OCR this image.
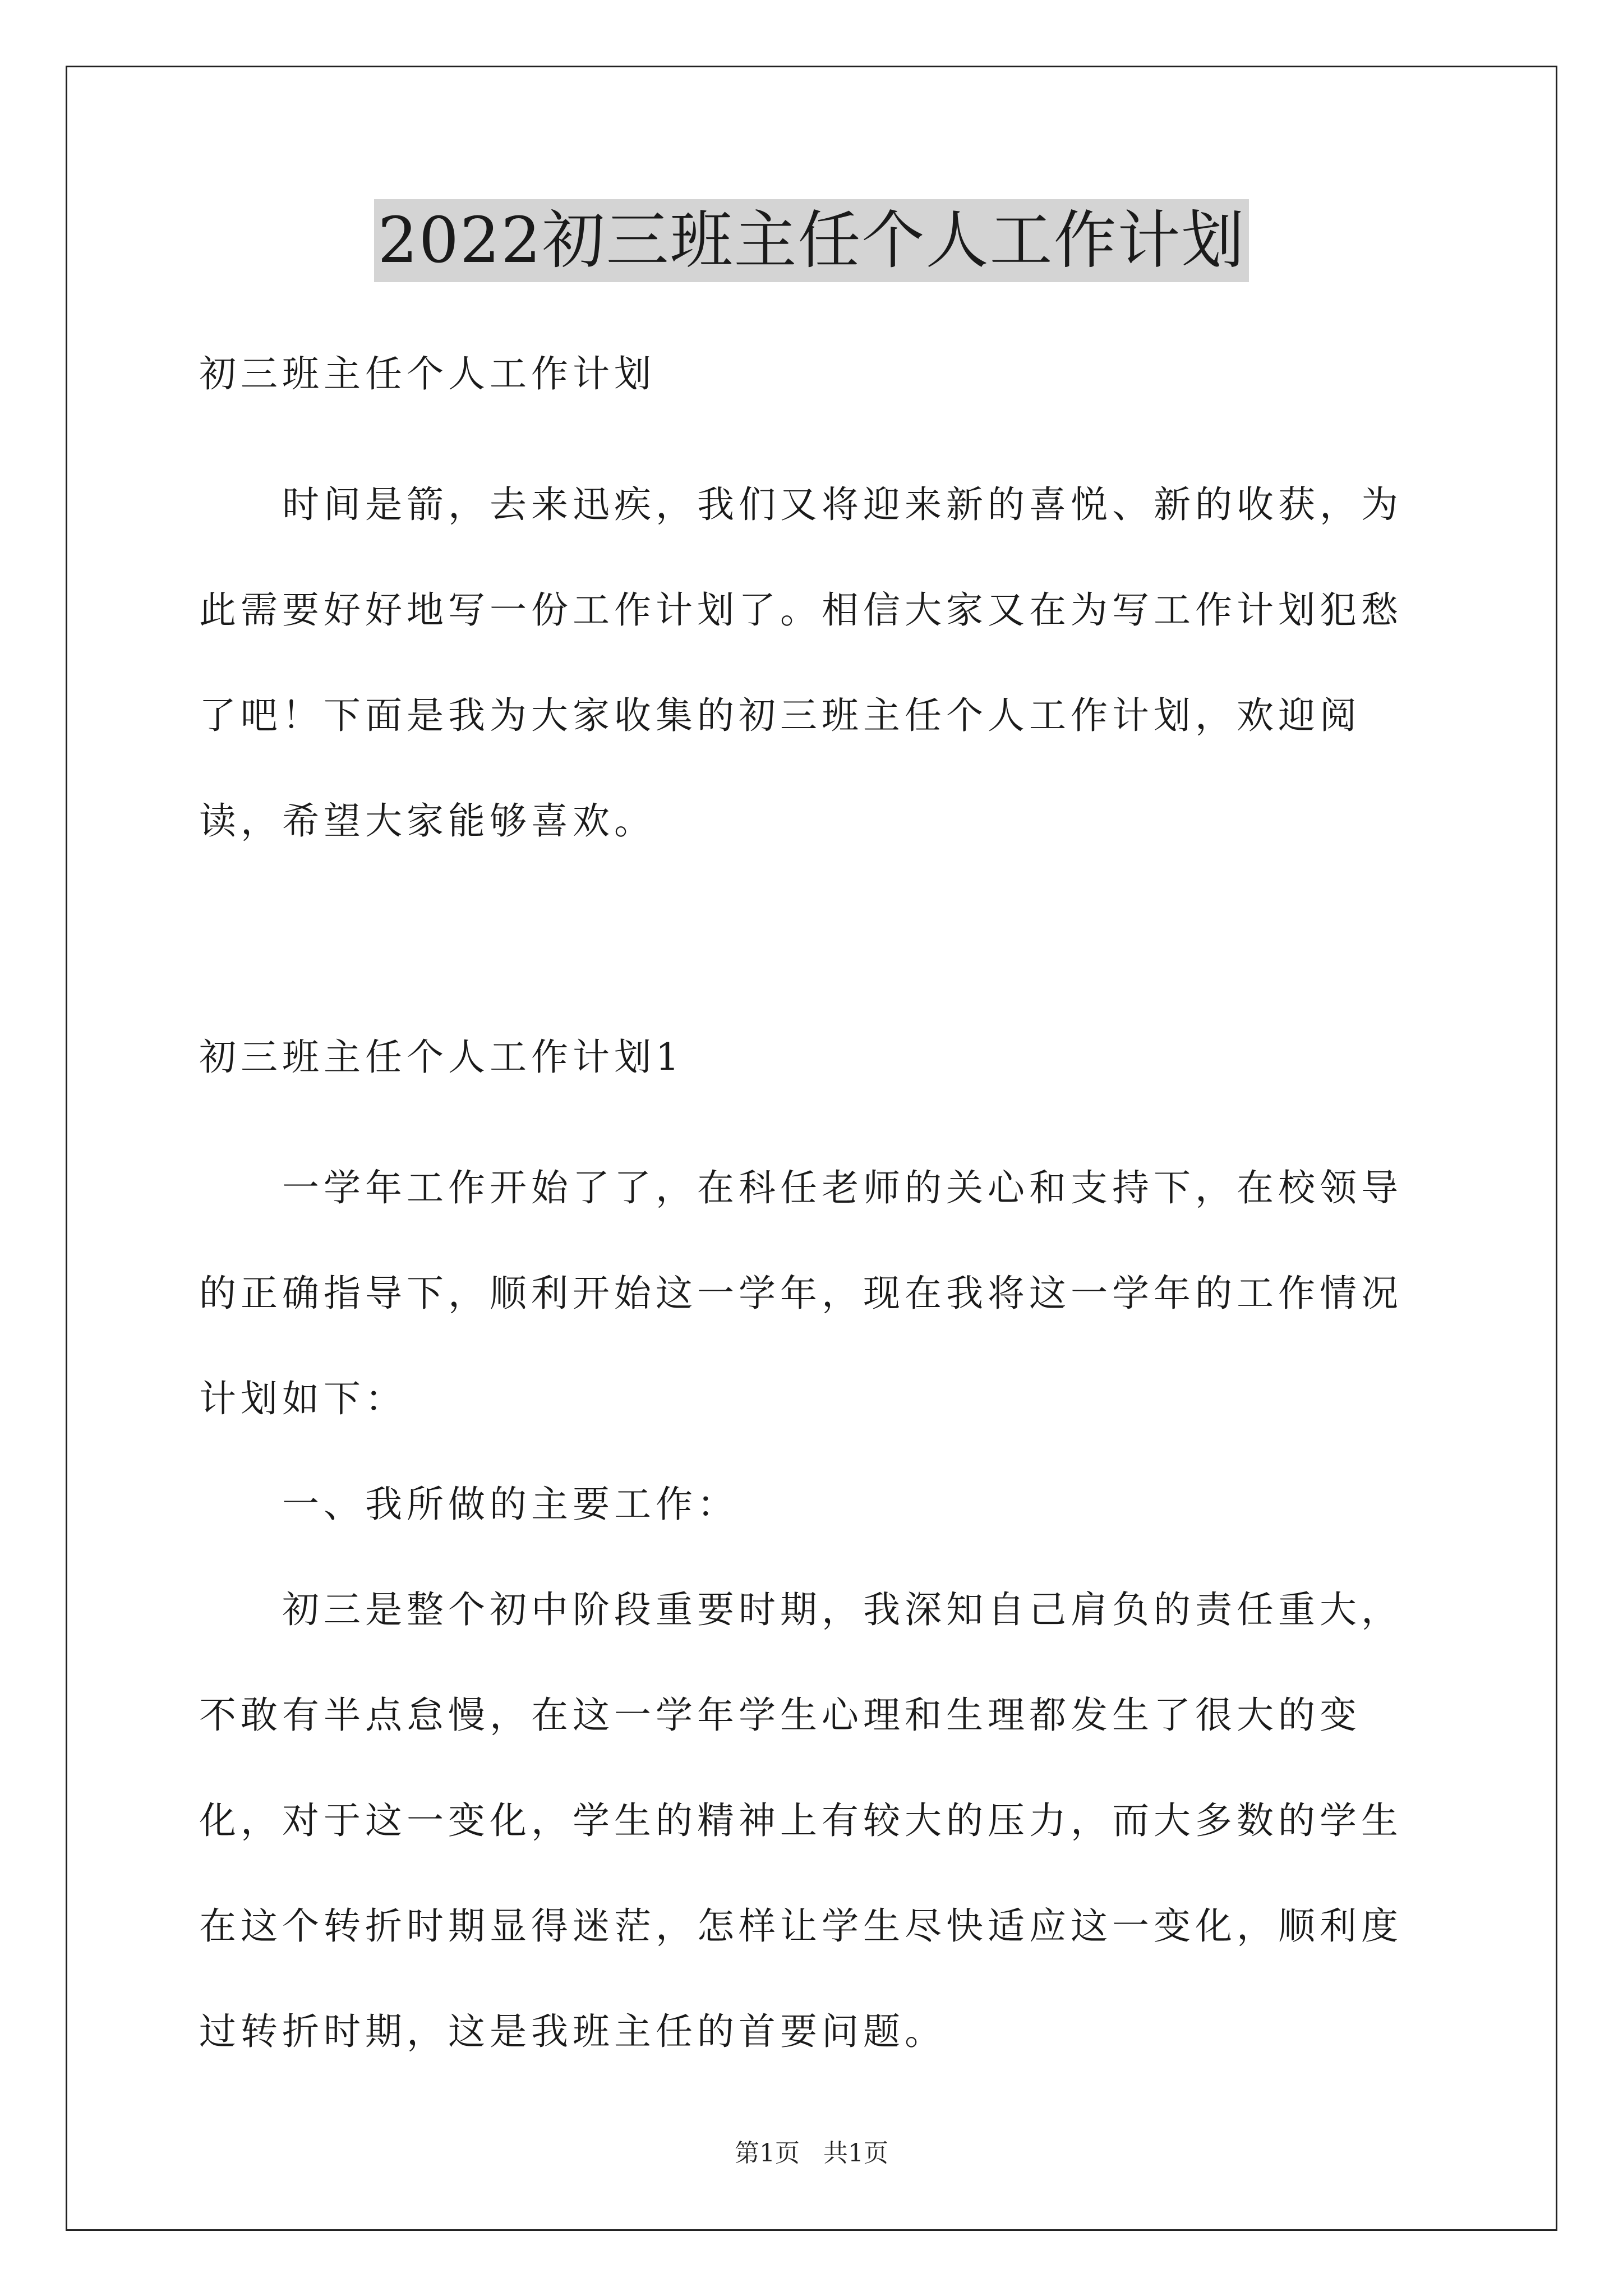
2022初三班主任个人工作计划

初三班主任个人工作计划

时间是箭，去来迅疾，我们又将迎来新的喜悦、新的收获，为此需要好好地写一份工作计划了。相信大家又在为写工作计划犯愁了吧！下面是我为大家收集的初三班主任个人工作计划，欢迎阅读，希望大家能够喜欢。

初三班主任个人工作计划1

一学年工作开始了了，在科任老师的关心和支持下，在校领导的正确指导下，顺利开始这一学年，现在我将这一学年的工作情况计划如下：

一、我所做的主要工作：

初三是整个初中阶段重要时期，我深知自己肩负的责任重大，不敢有半点怠慢，在这一学年学生心理和生理都发生了很大的变化，对于这一变化，学生的精神上有较大的压力，而大多数的学生在这个转折时期显得迷茫，怎样让学生尽快适应这一变化，顺利度过转折时期，这是我班主任的首要问题。

第1页 共1页
